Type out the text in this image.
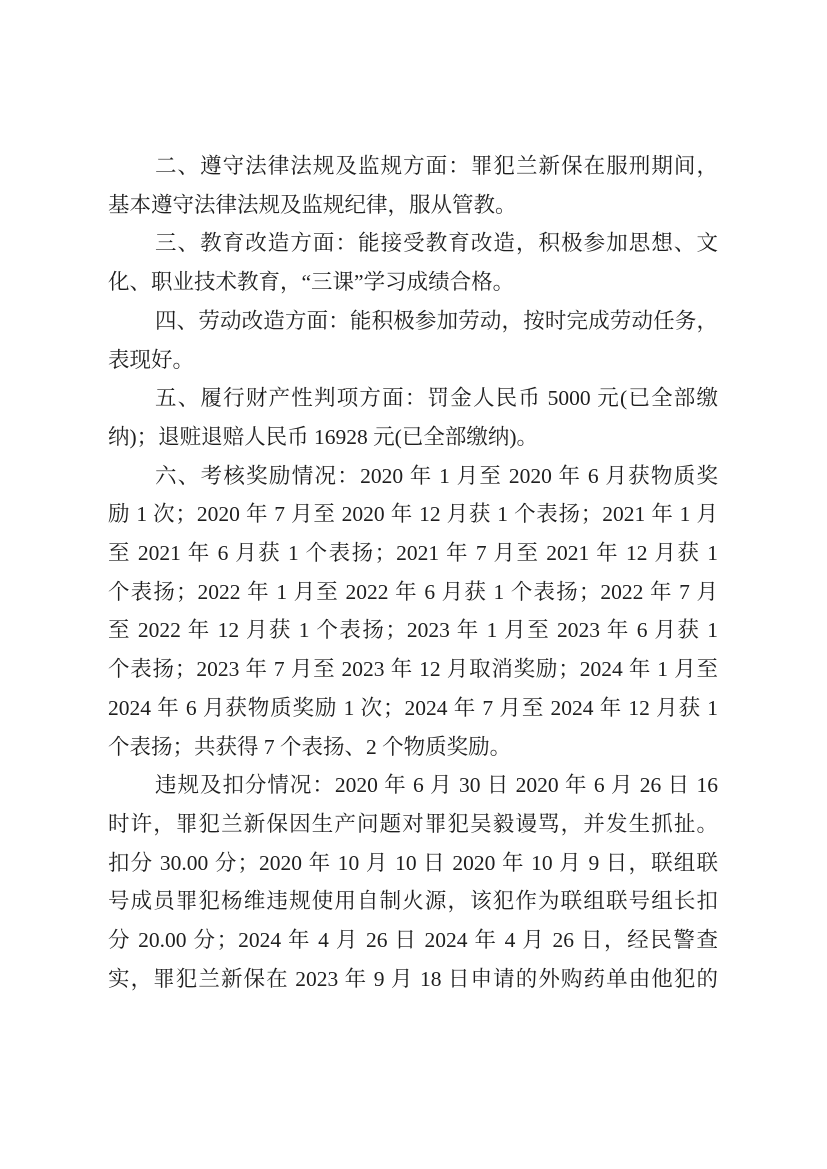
二、遵守法律法规及监规方面：罪犯兰新保在服刑期间，
基本遵守法律法规及监规纪律，服从管教。

三、教育改造方面：能接受教育改造，积极参加思想、文
化、职业技术教育，“三课”学习成绩合格。

四、劳动改造方面：能积极参加劳动，按时完成劳动任务，
表现好。

五、履行财产性判项方面：罚金人民币 5000 元(已全部缴
纳)；退赃退赔人民币 16928 元(已全部缴纳)。

六、考核奖励情况：2020 年 1 月至 2020 年 6 月获物质奖
励 1 次；2020 年 7 月至 2020 年 12 月获 1 个表扬；2021 年 1 月
至 2021 年 6 月获 1 个表扬；2021 年 7 月至 2021 年 12 月获 1
个表扬；2022 年 1 月至 2022 年 6 月获 1 个表扬；2022 年 7 月
至 2022 年 12 月获 1 个表扬；2023 年 1 月至 2023 年 6 月获 1
个表扬；2023 年 7 月至 2023 年 12 月取消奖励；2024 年 1 月至
2024 年 6 月获物质奖励 1 次；2024 年 7 月至 2024 年 12 月获 1
个表扬；共获得 7 个表扬、2 个物质奖励。

违规及扣分情况：2020 年 6 月 30 日 2020 年 6 月 26 日 16
时许，罪犯兰新保因生产问题对罪犯吴毅谩骂，并发生抓扯。
扣分 30.00 分；2020 年 10 月 10 日 2020 年 10 月 9 日，联组联
号成员罪犯杨维违规使用自制火源，该犯作为联组联号组长扣
分 20.00 分；2024 年 4 月 26 日 2024 年 4 月 26 日，经民警查
实，罪犯兰新保在 2023 年 9 月 18 日申请的外购药单由他犯的
